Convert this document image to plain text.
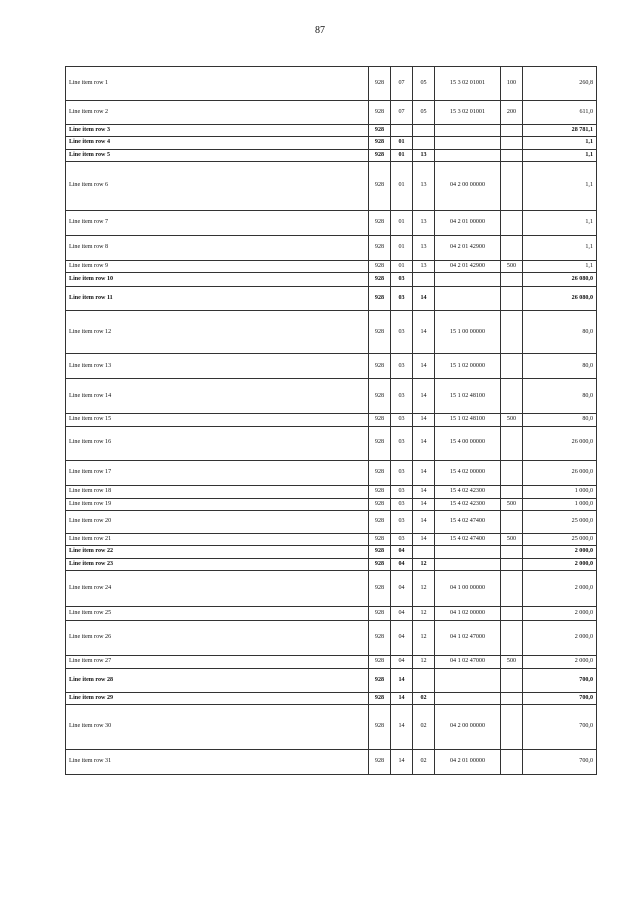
87
Line item row 1	928	07	05	15 3 02 01001	100	260,8
Line item row 2	928	07	05	15 3 02 01001	200	611,0
Line item row 3	928					28 781,1
Line item row 4	928	01				1,1
Line item row 5	928	01	13			1,1
Line item row 6	928	01	13	04 2 00 00000		1,1
Line item row 7	928	01	13	04 2 01 00000		1,1
Line item row 8	928	01	13	04 2 01 42900		1,1
Line item row 9	928	01	13	04 2 01 42900	500	1,1
Line item row 10	928	03				26 080,0
Line item row 11	928	03	14			26 080,0
Line item row 12	928	03	14	15 1 00 00000		80,0
Line item row 13	928	03	14	15 1 02 00000		80,0
Line item row 14	928	03	14	15 1 02 48100		80,0
Line item row 15	928	03	14	15 1 02 48100	500	80,0
Line item row 16	928	03	14	15 4 00 00000		26 000,0
Line item row 17	928	03	14	15 4 02 00000		26 000,0
Line item row 18	928	03	14	15 4 02 42300		1 000,0
Line item row 19	928	03	14	15 4 02 42300	500	1 000,0
Line item row 20	928	03	14	15 4 02 47400		25 000,0
Line item row 21	928	03	14	15 4 02 47400	500	25 000,0
Line item row 22	928	04				2 000,0
Line item row 23	928	04	12			2 000,0
Line item row 24	928	04	12	04 1 00 00000		2 000,0
Line item row 25	928	04	12	04 1 02 00000		2 000,0
Line item row 26	928	04	12	04 1 02 47000		2 000,0
Line item row 27	928	04	12	04 1 02 47000	500	2 000,0
Line item row 28	928	14				700,0
Line item row 29	928	14	02			700,0
Line item row 30	928	14	02	04 2 00 00000		700,0
Line item row 31	928	14	02	04 2 01 00000		700,0
